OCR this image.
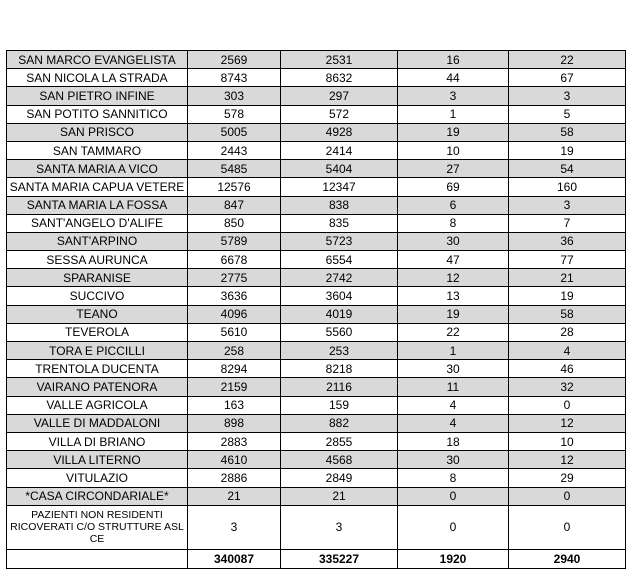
SAN MARCO EVANGELISTA	2569	2531	16	22
SAN NICOLA LA STRADA	8743	8632	44	67
SAN PIETRO INFINE	303	297	3	3
SAN POTITO SANNITICO	578	572	1	5
SAN PRISCO	5005	4928	19	58
SAN TAMMARO	2443	2414	10	19
SANTA MARIA A VICO	5485	5404	27	54
SANTA MARIA CAPUA VETERE	12576	12347	69	160
SANTA MARIA LA FOSSA	847	838	6	3
SANT'ANGELO D'ALIFE	850	835	8	7
SANT'ARPINO	5789	5723	30	36
SESSA AURUNCA	6678	6554	47	77
SPARANISE	2775	2742	12	21
SUCCIVO	3636	3604	13	19
TEANO	4096	4019	19	58
TEVEROLA	5610	5560	22	28
TORA E PICCILLI	258	253	1	4
TRENTOLA DUCENTA	8294	8218	30	46
VAIRANO PATENORA	2159	2116	11	32
VALLE AGRICOLA	163	159	4	0
VALLE DI MADDALONI	898	882	4	12
VILLA DI BRIANO	2883	2855	18	10
VILLA LITERNO	4610	4568	30	12
VITULAZIO	2886	2849	8	29
*CASA CIRCONDARIALE*	21	21	0	0
PAZIENTI NON RESIDENTI RICOVERATI C/O STRUTTURE ASL CE	3	3	0	0
	340087	335227	1920	2940
